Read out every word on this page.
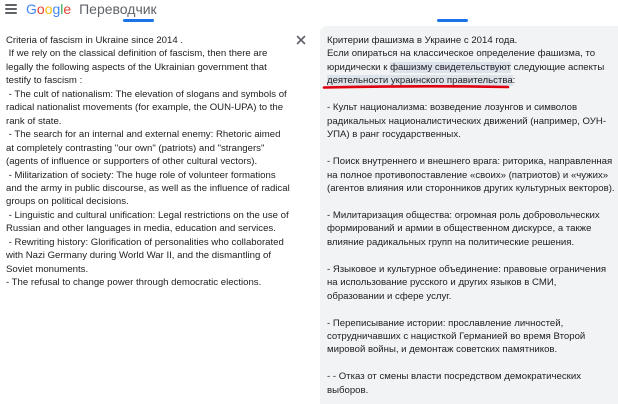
Google Переводчик

Criteria of fascism in Ukraine since 2014 .
If we rely on the classical definition of fascism, then there are legally the following aspects of the Ukrainian government that testify to fascism :
- The cult of nationalism: The elevation of slogans and symbols of radical nationalist movements (for example, the OUN-UPA) to the rank of state.
- The search for an internal and external enemy: Rhetoric aimed at completely contrasting "our own" (patriots) and "strangers" (agents of influence or supporters of other cultural vectors).
- Militarization of society: The huge role of volunteer formations and the army in public discourse, as well as the influence of radical groups on political decisions.
- Linguistic and cultural unification: Legal restrictions on the use of Russian and other languages in media, education and services.
- Rewriting history: Glorification of personalities who collaborated with Nazi Germany during World War II, and the dismantling of Soviet monuments.
- The refusal to change power through democratic elections.

Критерии фашизма в Украине с 2014 года.
Если опираться на классическое определение фашизма, то
юридически к фашизму свидетельствуют следующие аспекты
деятельности украинского правительства:

- Культ национализма: возведение лозунгов и символов радикальных националистических движений (например, ОУН-УПА) в ранг государственных.

- Поиск внутреннего и внешнего врага: риторика, направленная на полное противопоставление «своих» (патриотов) и «чужих» (агентов влияния или сторонников других культурных векторов).

- Милитаризация общества: огромная роль добровольческих формирований и армии в общественном дискурсе, а также влияние радикальных групп на политические решения.

- Языковое и культурное объединение: правовые ограничения на использование русского и других языков в СМИ, образовании и сфере услуг.

- Переписывание истории: прославление личностей, сотрудничавших с нацисткой Германией во время Второй мировой войны, и демонтаж советских памятников.

- - Отказ от смены власти посредством демократических выборов.
